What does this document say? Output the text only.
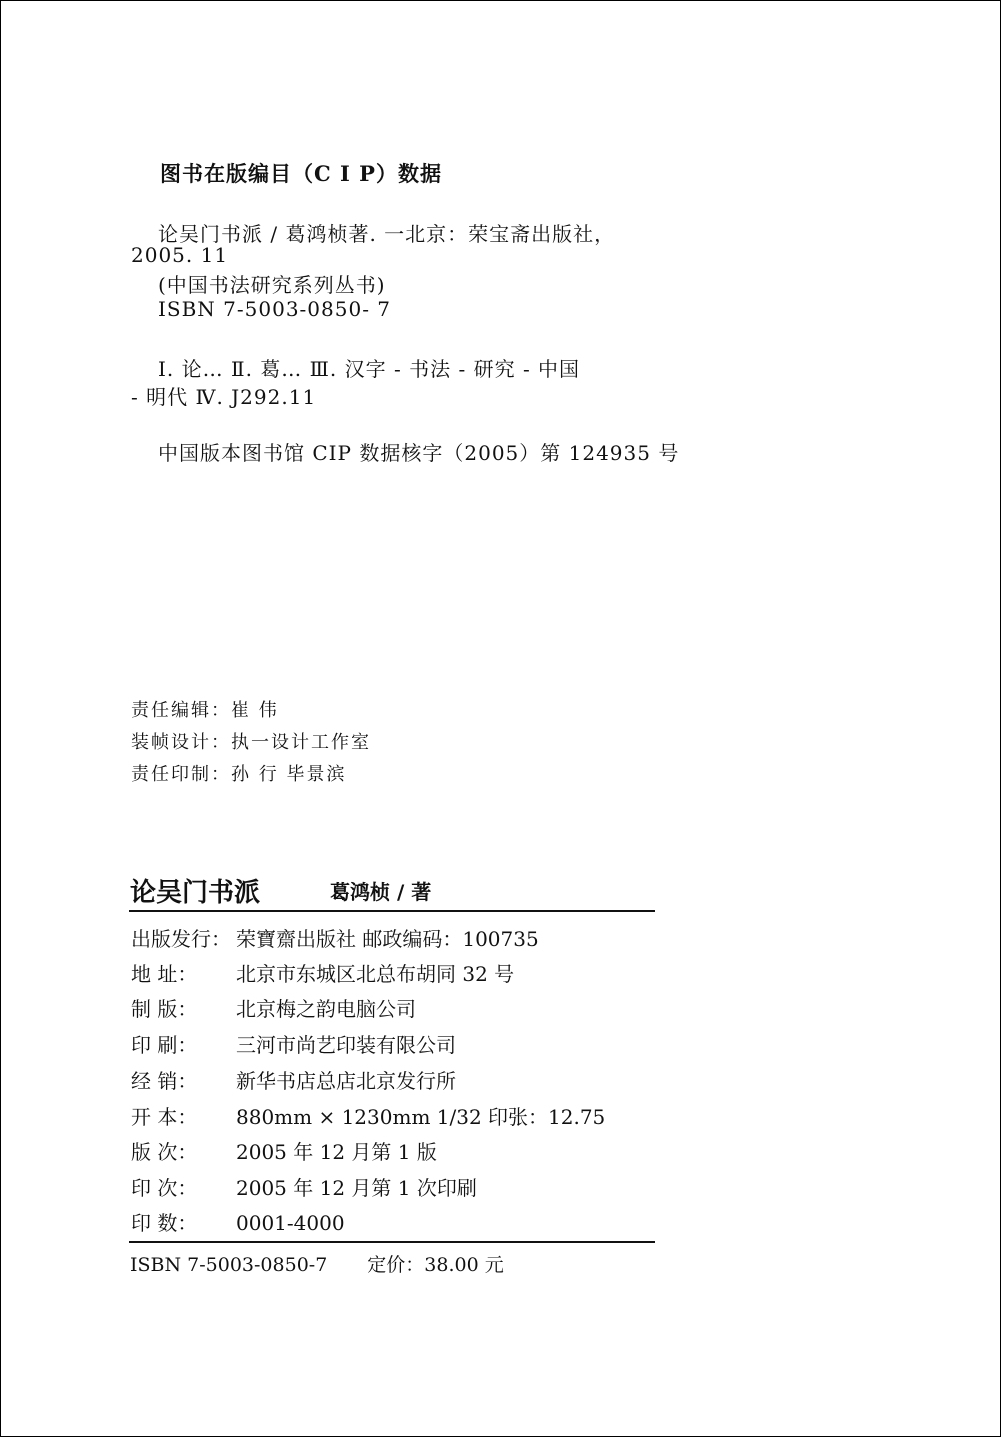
图书在版编目（C I P）数据
论吴门书派 / 葛鸿桢著. 一北京：荣宝斋出版社，
2005. 11
(中国书法研究系列丛书)
ISBN 7-5003-0850- 7
I. 论… Ⅱ. 葛… Ⅲ. 汉字 - 书法 - 研究 - 中国
- 明代 Ⅳ. J292.11
中国版本图书馆 CIP 数据核字（2005）第 124935 号
责任编辑：崔 伟
装帧设计：执一设计工作室
责任印制：孙 行 毕景滨
论吴门书派	葛鸿桢 / 著
出版发行： 荣寶齋出版社 邮政编码：100735
地 址： 北京市东城区北总布胡同 32 号
制 版： 北京梅之韵电脑公司
印 刷： 三河市尚艺印装有限公司
经 销： 新华书店总店北京发行所
开 本： 880mm × 1230mm 1/32 印张：12.75
版 次： 2005 年 12 月第 1 版
印 次： 2005 年 12 月第 1 次印刷
印 数： 0001-4000
ISBN 7-5003-0850-7 定价：38.00 元
